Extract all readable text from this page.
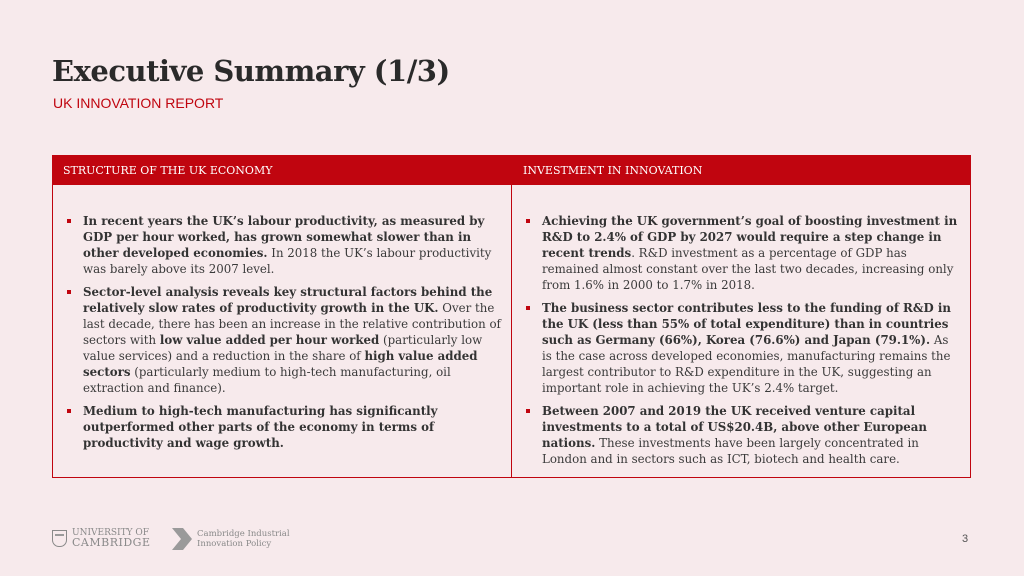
Executive Summary (1/3)

UK INNOVATION REPORT

STRUCTURE OF THE UK ECONOMY	INVESTMENT IN INNOVATION
In recent years the UK’s labour productivity, as measured by GDP per hour worked, has grown somewhat slower than in other developed economies. In 2018 the UK’s labour productivity was barely above its 2007 level.
Sector-level analysis reveals key structural factors behind the relatively slow rates of productivity growth in the UK. Over the last decade, there has been an increase in the relative contribution of sectors with low value added per hour worked (particularly low value services) and a reduction in the share of high value added sectors (particularly medium to high-tech manufacturing, oil extraction and finance).
Medium to high-tech manufacturing has significantly outperformed other parts of the economy in terms of productivity and wage growth.
Achieving the UK government’s goal of boosting investment in R&D to 2.4% of GDP by 2027 would require a step change in recent trends. R&D investment as a percentage of GDP has remained almost constant over the last two decades, increasing only from 1.6% in 2000 to 1.7% in 2018.
The business sector contributes less to the funding of R&D in the UK (less than 55% of total expenditure) than in countries such as Germany (66%), Korea (76.6%) and Japan (79.1%). As is the case across developed economies, manufacturing remains the largest contributor to R&D expenditure in the UK, suggesting an important role in achieving the UK’s 2.4% target.
Between 2007 and 2019 the UK received venture capital investments to a total of US$20.4B, above other European nations. These investments have been largely concentrated in London and in sectors such as ICT, biotech and health care.
UNIVERSITY OF
CAMBRIDGE
Cambridge Industrial
Innovation Policy	3
